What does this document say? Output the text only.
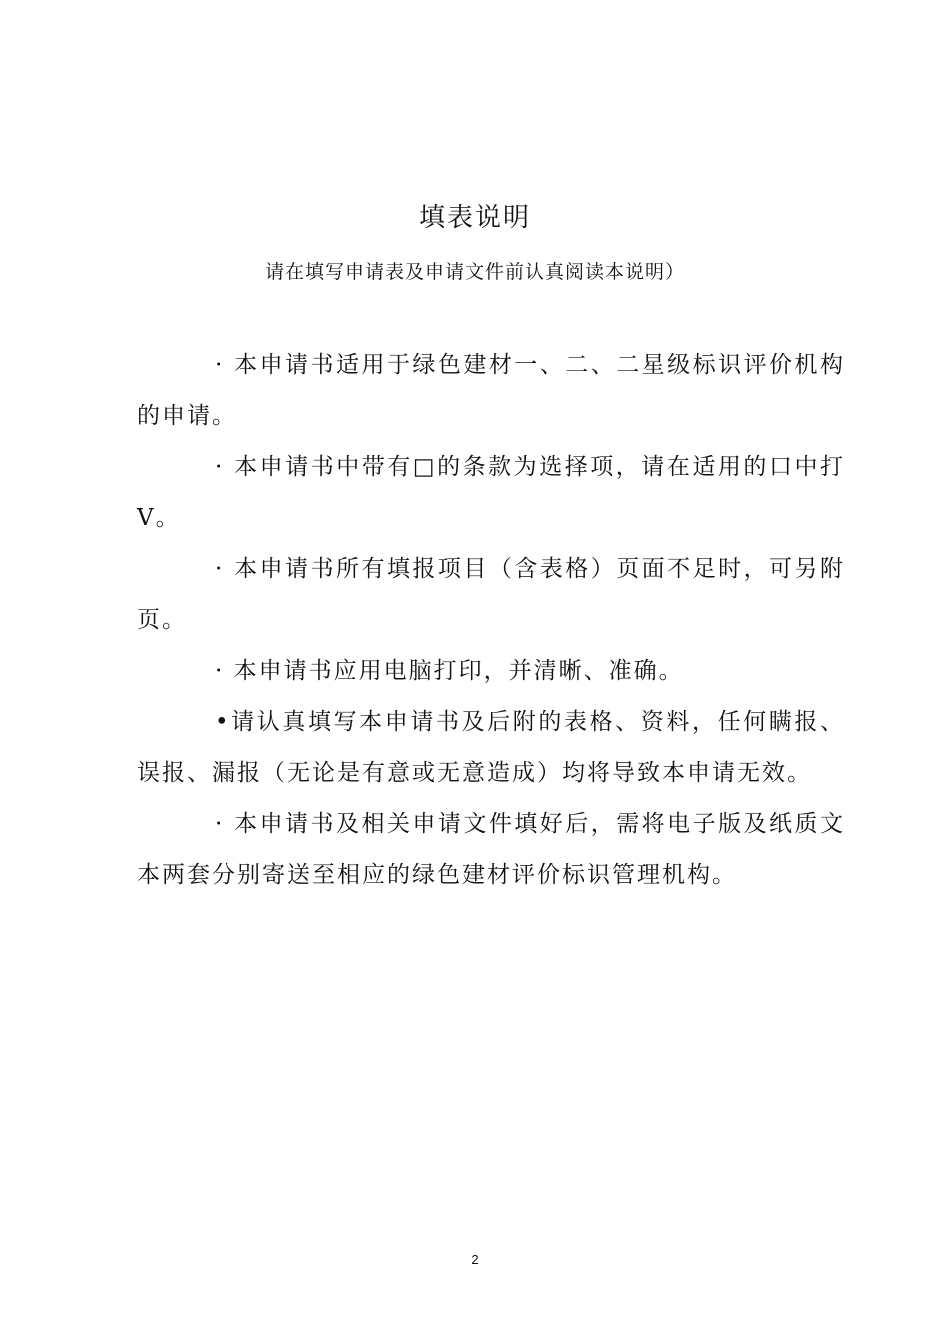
填表说明
请在填写申请表及申请文件前认真阅读本说明）

· 本申请书适用于绿色建材一、二、二星级标识评价机构的申请。

· 本申请书中带有□的条款为选择项，请在适用的口中打V。

· 本申请书所有填报项目（含表格）页面不足时，可另附页。

· 本申请书应用电脑打印，并清晰、准确。

•请认真填写本申请书及后附的表格、资料，任何瞒报、误报、漏报（无论是有意或无意造成）均将导致本申请无效。

· 本申请书及相关申请文件填好后，需将电子版及纸质文本两套分别寄送至相应的绿色建材评价标识管理机构。

2
